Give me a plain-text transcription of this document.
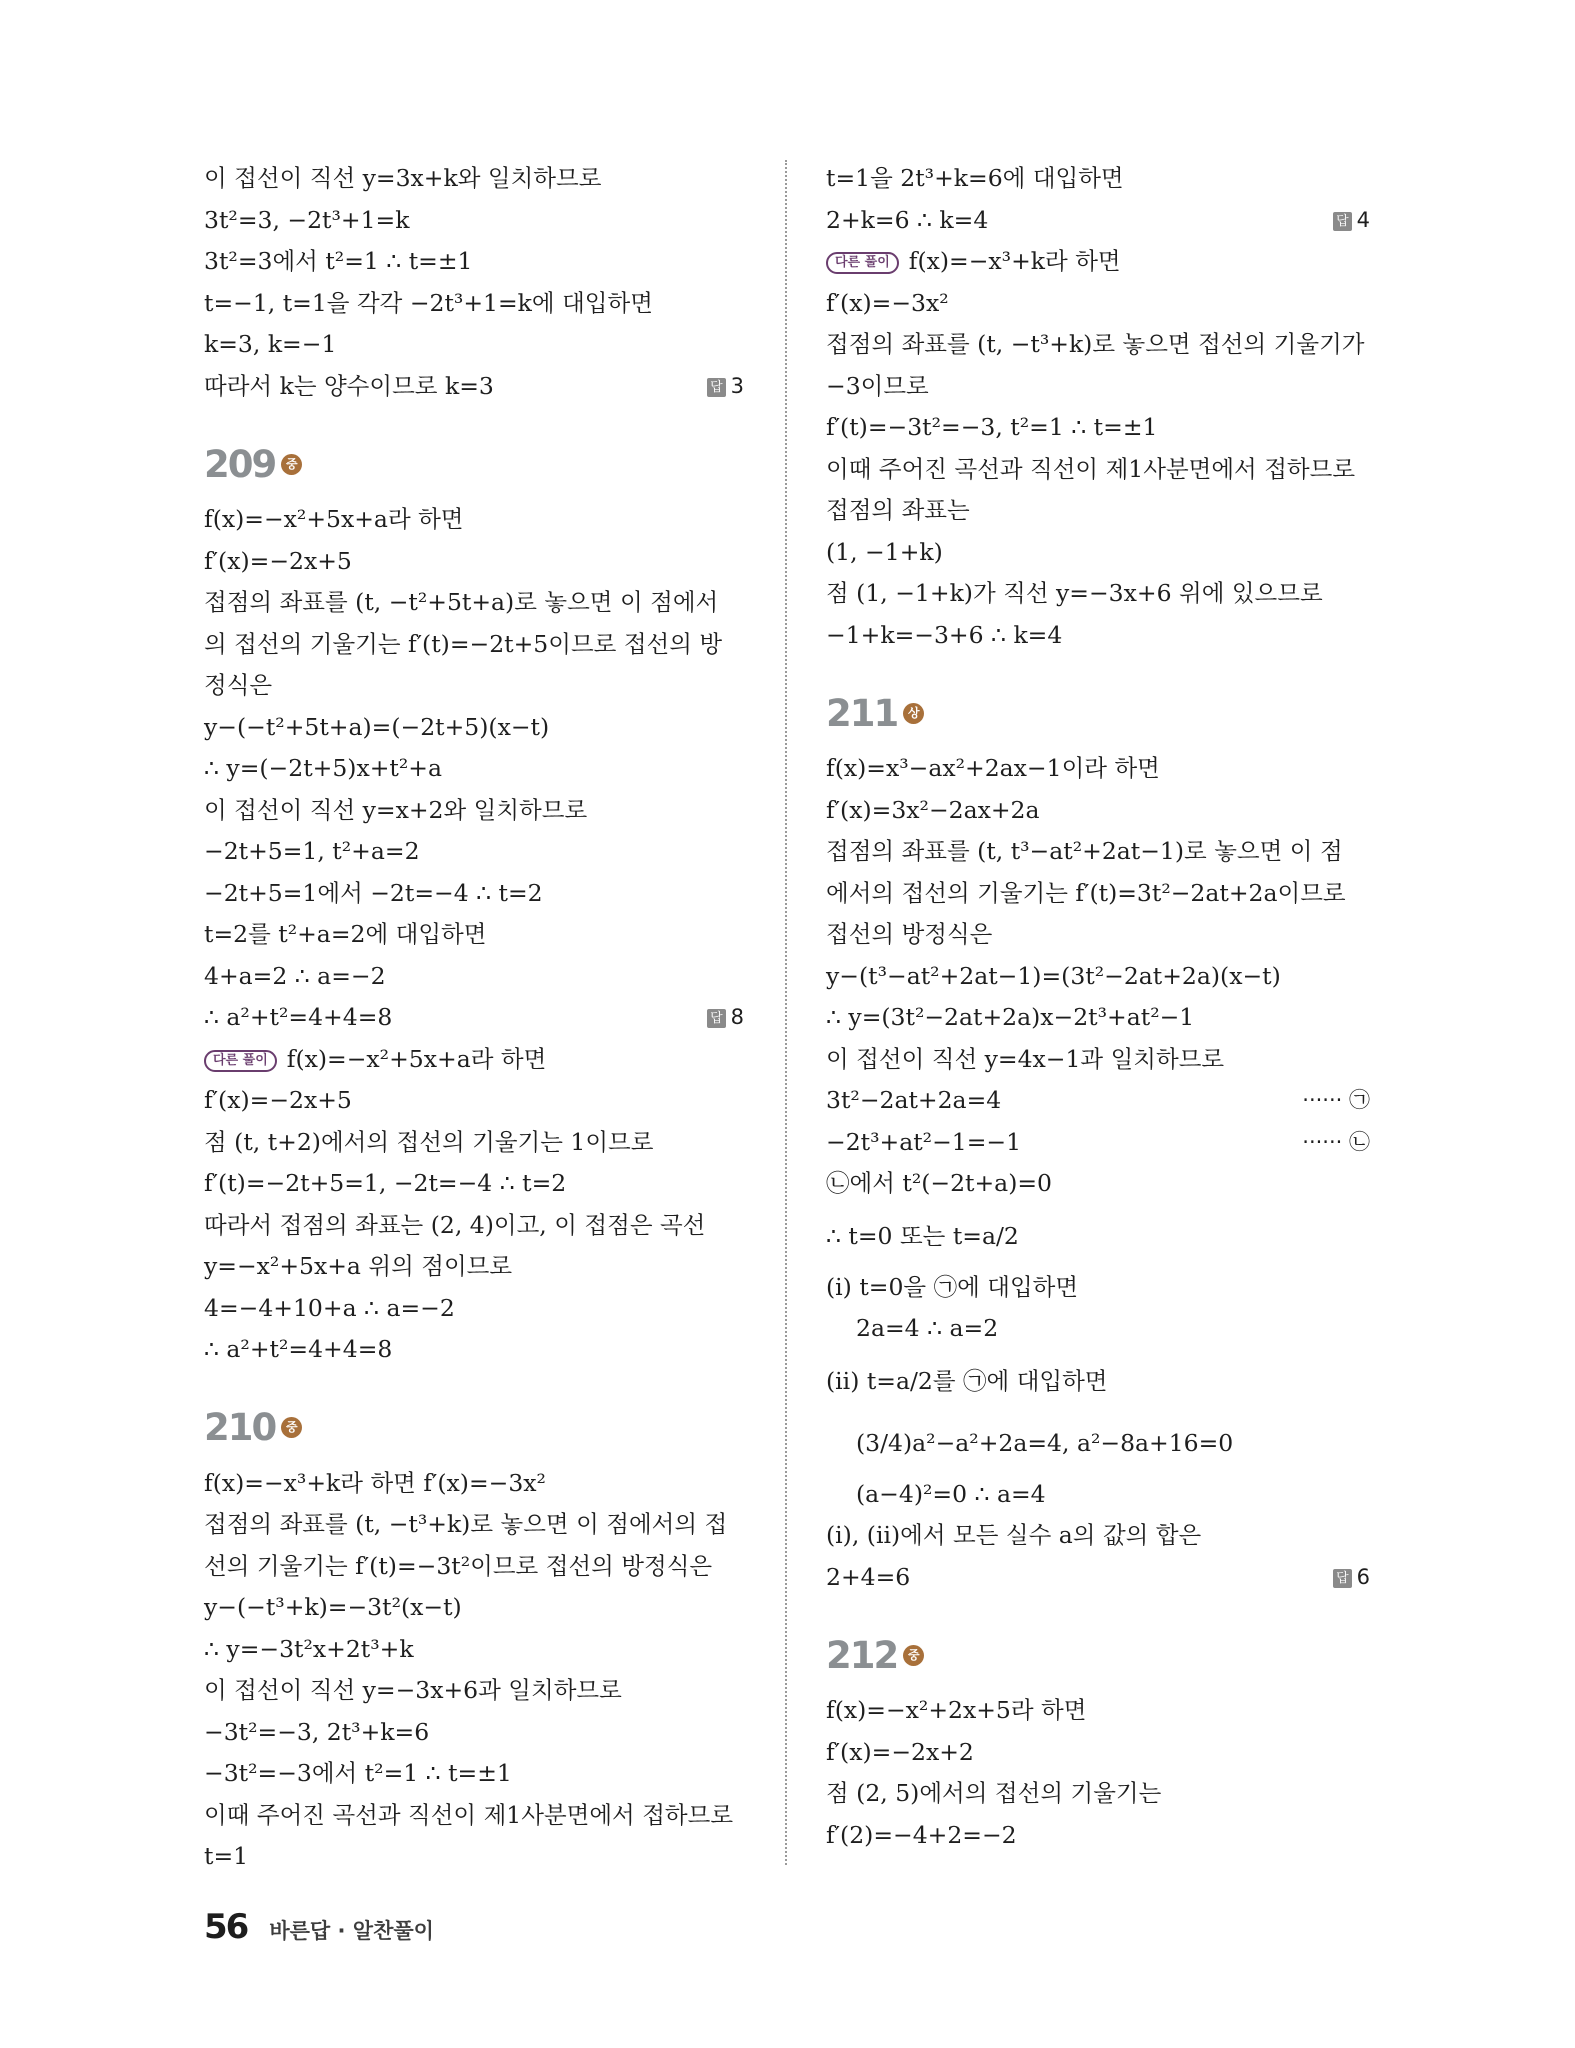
이 접선이 직선 y=3x+k와 일치하므로
3t²=3, −2t³+1=k
3t²=3에서 t²=1 ∴ t=±1
t=−1, t=1을 각각 −2t³+1=k에 대입하면
k=3, k=−1
따라서 k는 양수이므로 k=3	답 3
209 중
f(x)=−x²+5x+a라 하면
f′(x)=−2x+5
접점의 좌표를 (t, −t²+5t+a)로 놓으면 이 점에서
의 접선의 기울기는 f′(t)=−2t+5이므로 접선의 방
정식은
y−(−t²+5t+a)=(−2t+5)(x−t)
∴ y=(−2t+5)x+t²+a
이 접선이 직선 y=x+2와 일치하므로
−2t+5=1, t²+a=2
−2t+5=1에서 −2t=−4 ∴ t=2
t=2를 t²+a=2에 대입하면
4+a=2 ∴ a=−2
∴ a²+t²=4+4=8	답 8
다른 풀이 f(x)=−x²+5x+a라 하면
f′(x)=−2x+5
점 (t, t+2)에서의 접선의 기울기는 1이므로
f′(t)=−2t+5=1, −2t=−4 ∴ t=2
따라서 접점의 좌표는 (2, 4)이고, 이 접점은 곡선
y=−x²+5x+a 위의 점이므로
4=−4+10+a ∴ a=−2
∴ a²+t²=4+4=8
210 중
f(x)=−x³+k라 하면 f′(x)=−3x²
접점의 좌표를 (t, −t³+k)로 놓으면 이 점에서의 접
선의 기울기는 f′(t)=−3t²이므로 접선의 방정식은
y−(−t³+k)=−3t²(x−t)
∴ y=−3t²x+2t³+k
이 접선이 직선 y=−3x+6과 일치하므로
−3t²=−3, 2t³+k=6
−3t²=−3에서 t²=1 ∴ t=±1
이때 주어진 곡선과 직선이 제1사분면에서 접하므로
t=1
t=1을 2t³+k=6에 대입하면
2+k=6 ∴ k=4	답 4
다른 풀이 f(x)=−x³+k라 하면
f′(x)=−3x²
접점의 좌표를 (t, −t³+k)로 놓으면 접선의 기울기가
−3이므로
f′(t)=−3t²=−3, t²=1 ∴ t=±1
이때 주어진 곡선과 직선이 제1사분면에서 접하므로
접점의 좌표는
(1, −1+k)
점 (1, −1+k)가 직선 y=−3x+6 위에 있으므로
−1+k=−3+6 ∴ k=4
211 상
f(x)=x³−ax²+2ax−1이라 하면
f′(x)=3x²−2ax+2a
접점의 좌표를 (t, t³−at²+2at−1)로 놓으면 이 점
에서의 접선의 기울기는 f′(t)=3t²−2at+2a이므로
접선의 방정식은
y−(t³−at²+2at−1)=(3t²−2at+2a)(x−t)
∴ y=(3t²−2at+2a)x−2t³+at²−1
이 접선이 직선 y=4x−1과 일치하므로
3t²−2at+2a=4	······ ㉠
−2t³+at²−1=−1	······ ㉡
㉡에서 t²(−2t+a)=0
∴ t=0 또는 t=a/2
(i) t=0을 ㉠에 대입하면
2a=4 ∴ a=2
(ii) t=a/2를 ㉠에 대입하면
(3/4)a²−a²+2a=4, a²−8a+16=0
(a−4)²=0 ∴ a=4
(i), (ii)에서 모든 실수 a의 값의 합은
2+4=6	답 6
212 중
f(x)=−x²+2x+5라 하면
f′(x)=−2x+2
점 (2, 5)에서의 접선의 기울기는
f′(2)=−4+2=−2
56 바른답 · 알찬풀이
